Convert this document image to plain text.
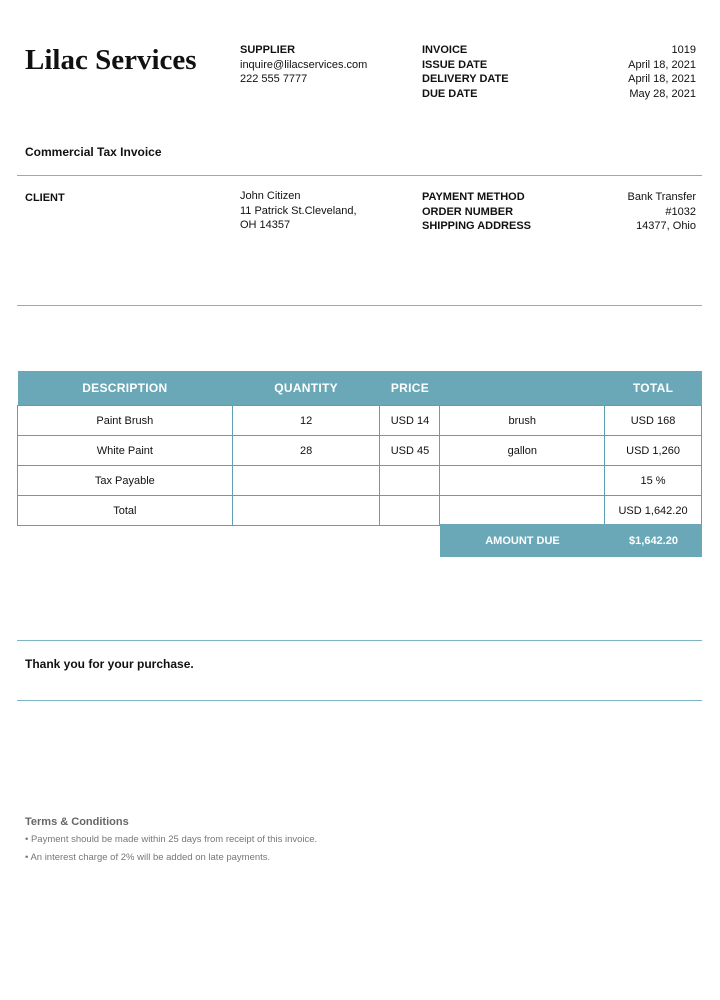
Lilac Services	SUPPLIER
inquire@lilacservices.com
222 555 7777
INVOICE	1019
ISSUE DATE	April 18, 2021
DELIVERY DATE	April 18, 2021
DUE DATE	May 28, 2021
Commercial Tax Invoice
CLIENT	John Citizen
11 Patrick St.Cleveland,
OH 14357
PAYMENT METHOD	Bank Transfer
ORDER NUMBER	#1032
SHIPPING ADDRESS	14377, Ohio
DESCRIPTION	QUANTITY	PRICE		TOTAL
Paint Brush	12	USD 14	brush	USD 168
White Paint	28	USD 45	gallon	USD 1,260
Tax Payable				15 %
Total				USD 1,642.20
AMOUNT DUE	$1,642.20
Thank you for your purchase.
Terms & Conditions
• Payment should be made within 25 days from receipt of this invoice.
• An interest charge of 2% will be added on late payments.
